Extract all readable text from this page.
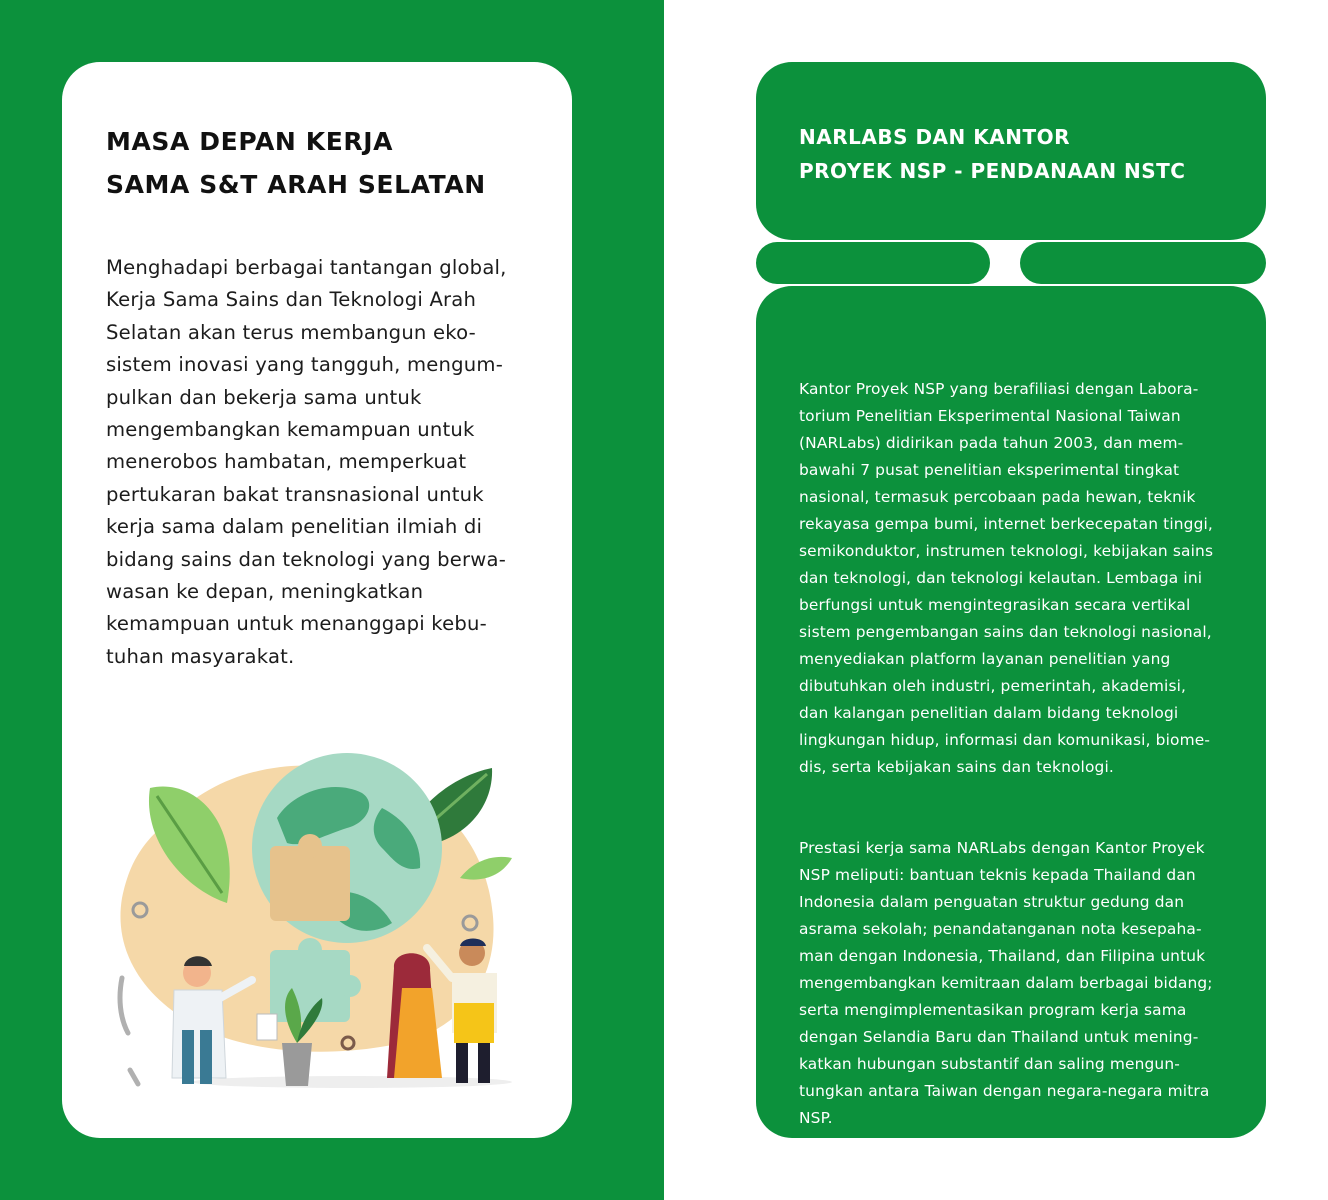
MASA DEPAN KERJA
SAMA S&T ARAH SELATAN
Menghadapi berbagai tantangan global,
Kerja Sama Sains dan Teknologi Arah
Selatan akan terus membangun eko-
sistem inovasi yang tangguh, mengum-
pulkan dan bekerja sama untuk
mengembangkan kemampuan untuk
menerobos hambatan, memperkuat
pertukaran bakat transnasional untuk
kerja sama dalam penelitian ilmiah di
bidang sains dan teknologi yang berwa-
wasan ke depan, meningkatkan
kemampuan untuk menanggapi kebu-
tuhan masyarakat.
NARLABS DAN KANTOR
PROYEK NSP - PENDANAAN NSTC

Kantor Proyek NSP yang berafiliasi dengan Labora-
torium Penelitian Eksperimental Nasional Taiwan
(NARLabs) didirikan pada tahun 2003, dan mem-
bawahi 7 pusat penelitian eksperimental tingkat
nasional, termasuk percobaan pada hewan, teknik
rekayasa gempa bumi, internet berkecepatan tinggi,
semikonduktor, instrumen teknologi, kebijakan sains
dan teknologi, dan teknologi kelautan. Lembaga ini
berfungsi untuk mengintegrasikan secara vertikal
sistem pengembangan sains dan teknologi nasional,
menyediakan platform layanan penelitian yang
dibutuhkan oleh industri, pemerintah, akademisi,
dan kalangan penelitian dalam bidang teknologi
lingkungan hidup, informasi dan komunikasi, biome-
dis, serta kebijakan sains dan teknologi.

Prestasi kerja sama NARLabs dengan Kantor Proyek
NSP meliputi: bantuan teknis kepada Thailand dan
Indonesia dalam penguatan struktur gedung dan
asrama sekolah; penandatanganan nota kesepaha-
man dengan Indonesia, Thailand, dan Filipina untuk
mengembangkan kemitraan dalam berbagai bidang;
serta mengimplementasikan program kerja sama
dengan Selandia Baru dan Thailand untuk mening-
katkan hubungan substantif dan saling mengun-
tungkan antara Taiwan dengan negara-negara mitra
NSP.
